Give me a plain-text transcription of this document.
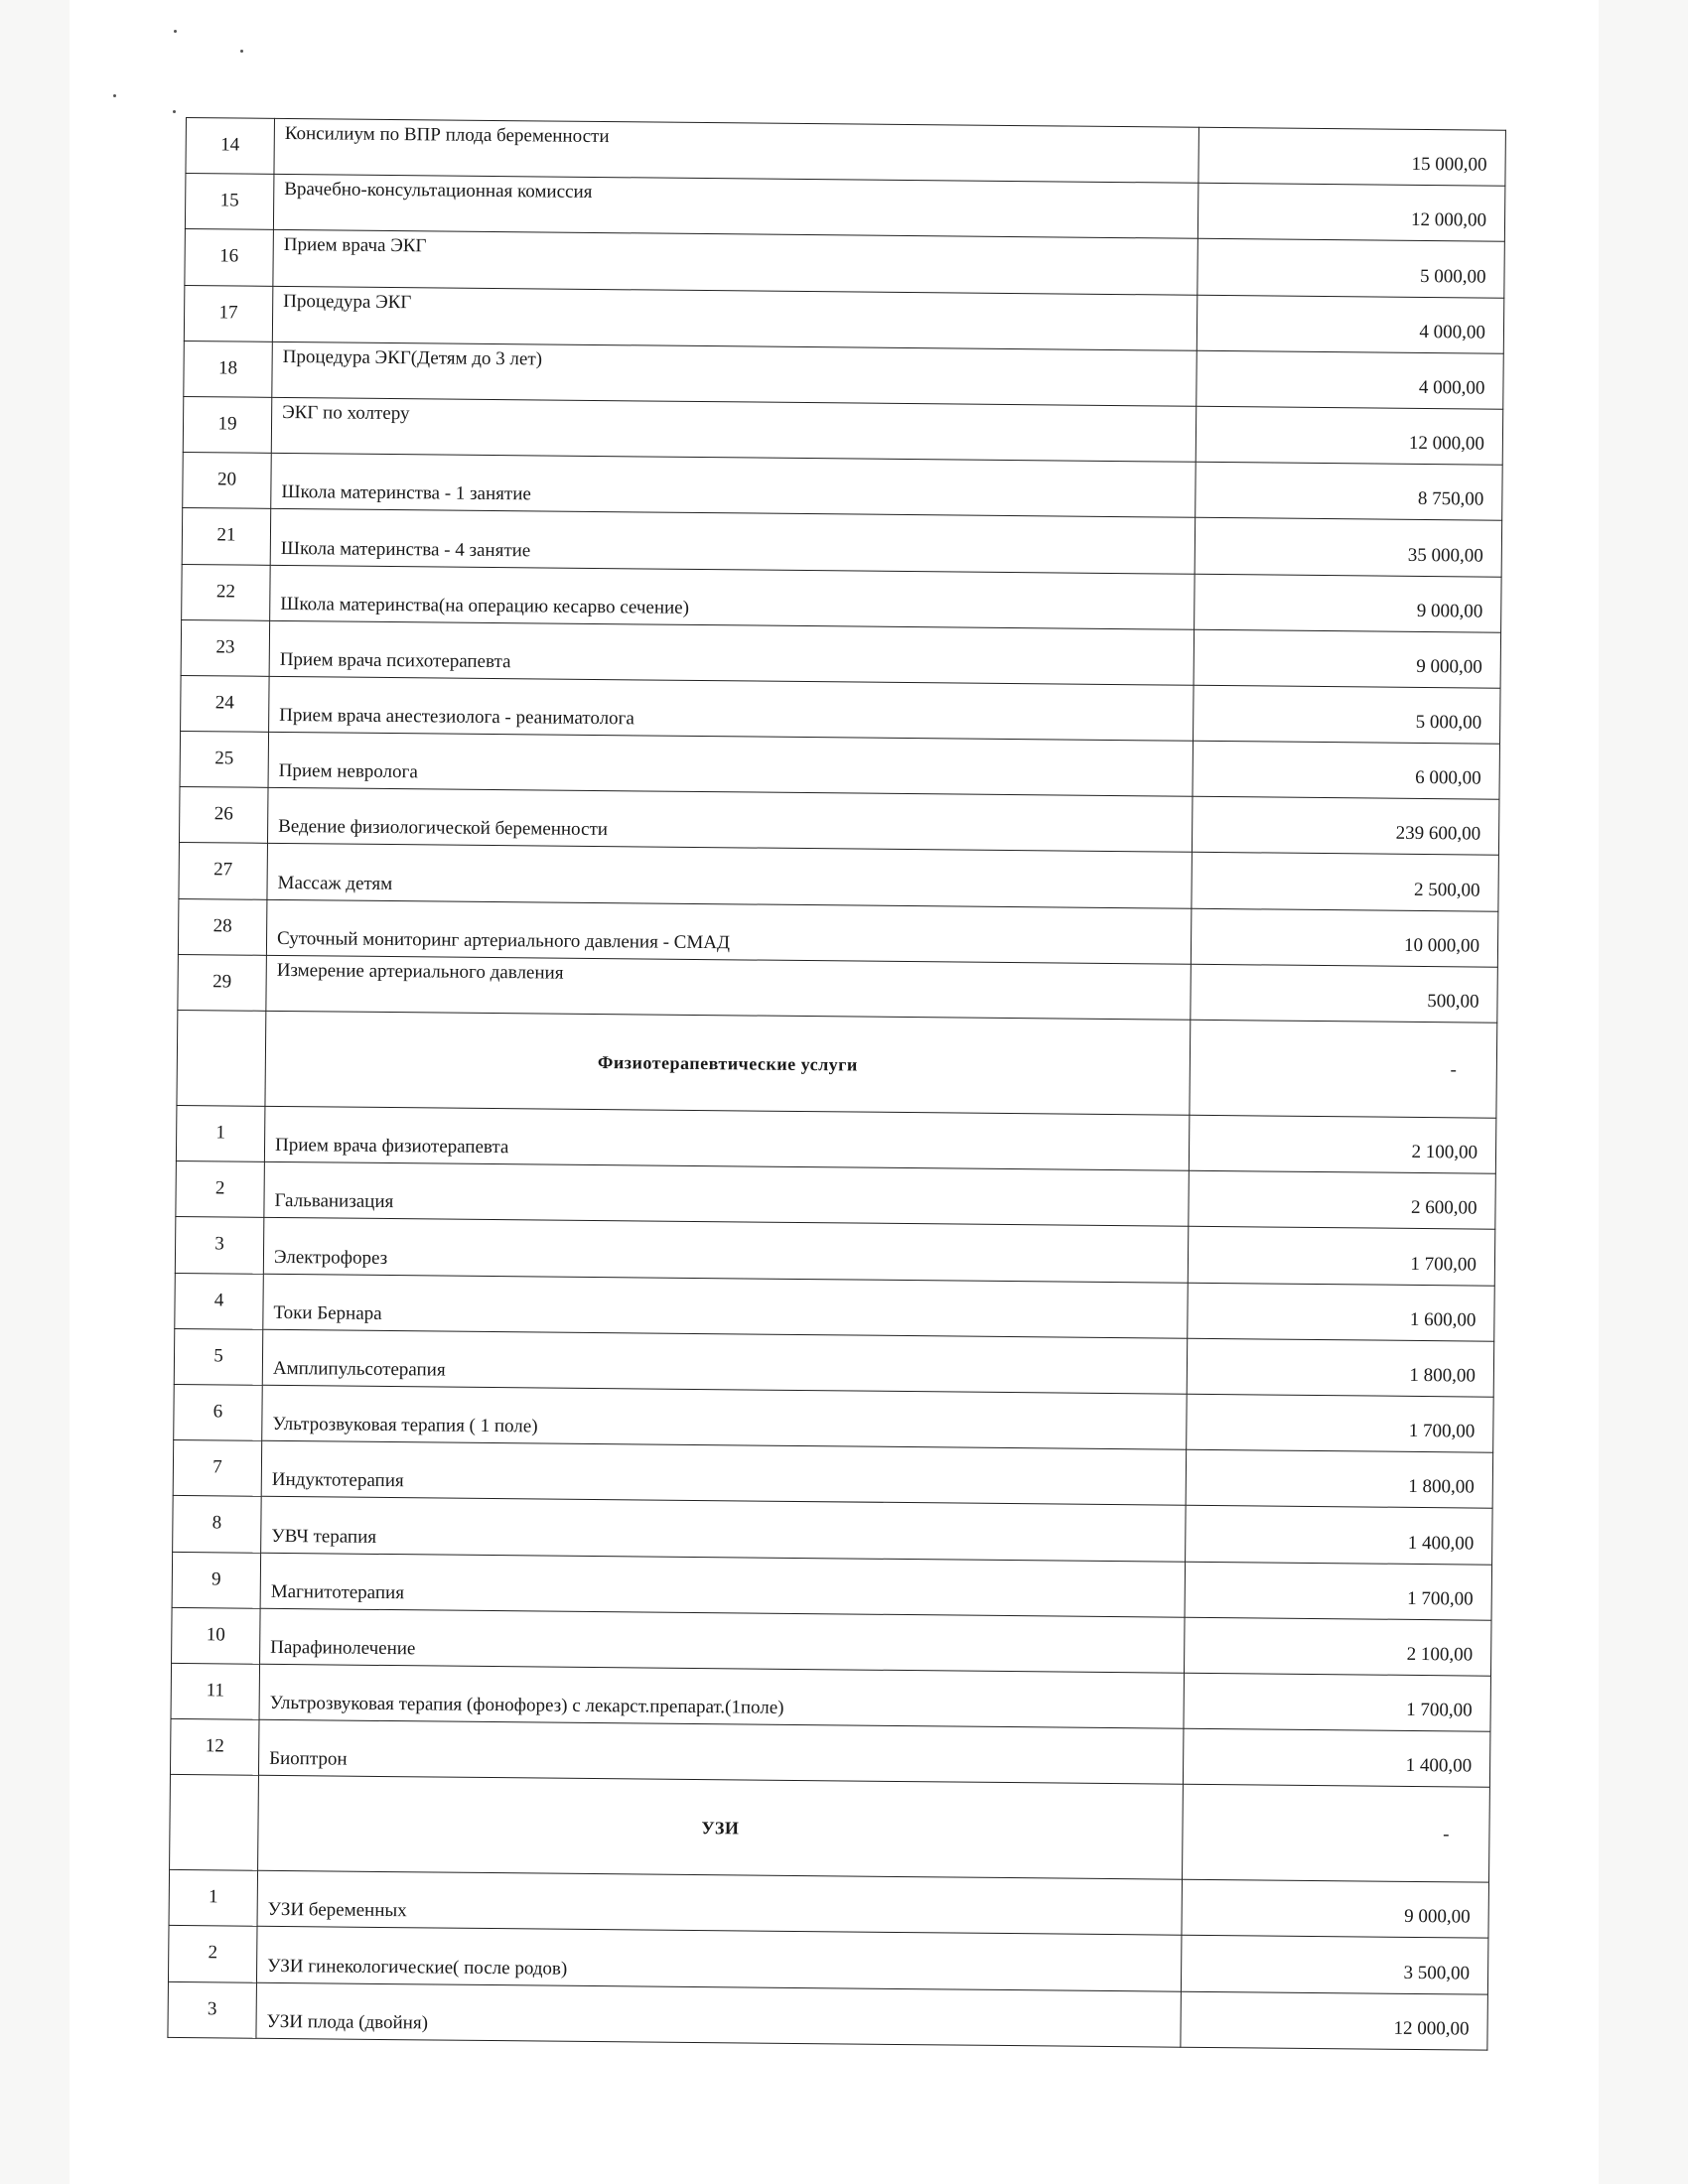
14	Консилиум по ВПР плода беременности	15 000,00
15	Врачебно-консультационная комиссия	12 000,00
16	Прием врача ЭКГ	5 000,00
17	Процедура ЭКГ	4 000,00
18	Процедура ЭКГ(Детям до 3 лет)	4 000,00
19	ЭКГ по холтеру	12 000,00
20	Школа материнства - 1 занятие	8 750,00
21	Школа материнства - 4 занятие	35 000,00
22	Школа материнства(на операцию кесарво сечение)	9 000,00
23	Прием врача психотерапевта	9 000,00
24	Прием врача анестезиолога - реаниматолога	5 000,00
25	Прием невролога	6 000,00
26	Ведение физиологической беременности	239 600,00
27	Массаж детям	2 500,00
28	Суточный мониторинг артериального давления - СМАД	10 000,00
29	Измерение артериального давления	500,00
	Физиотерапевтические услуги	-
1	Прием врача физиотерапевта	2 100,00
2	Гальванизация	2 600,00
3	Электрофорез	1 700,00
4	Токи Бернара	1 600,00
5	Амплипульсотерапия	1 800,00
6	Ультрозвуковая терапия ( 1 поле)	1 700,00
7	Индуктотерапия	1 800,00
8	УВЧ терапия	1 400,00
9	Магнитотерапия	1 700,00
10	Парафинолечение	2 100,00
11	Ультрозвуковая терапия (фонофорез) с лекарст.препарат.(1поле)	1 700,00
12	Биоптрон	1 400,00
	УЗИ	-
1	УЗИ беременных	9 000,00
2	УЗИ гинекологические( после родов)	3 500,00
3	УЗИ плода (двойня)	12 000,00
